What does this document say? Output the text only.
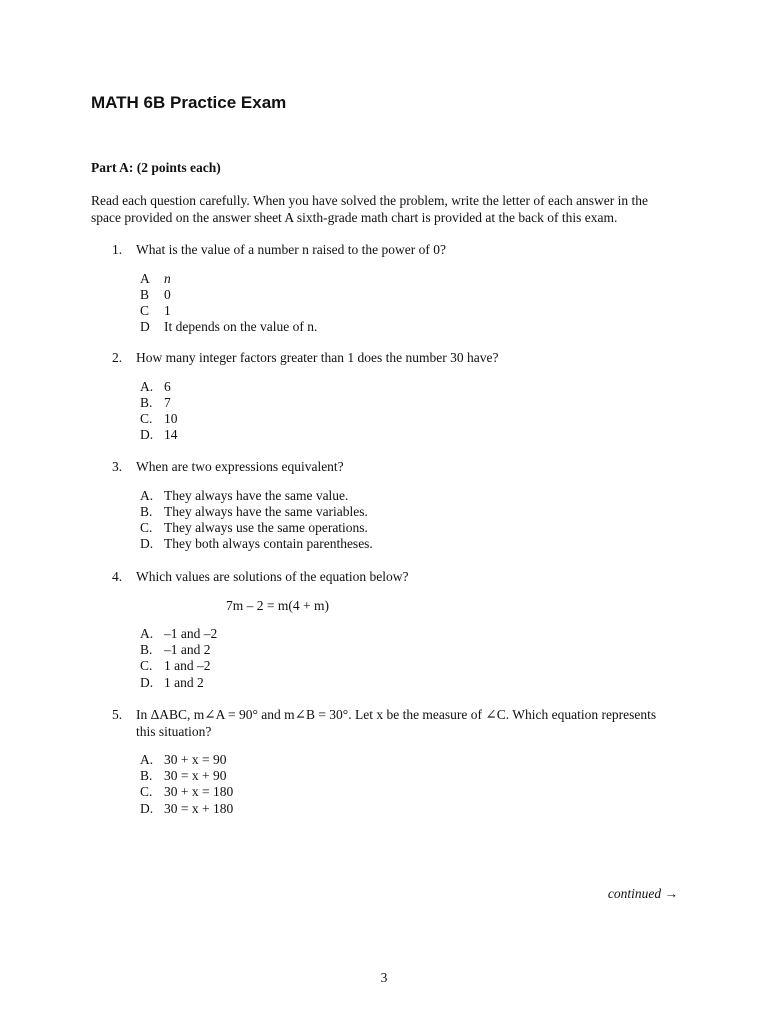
MATH 6B Practice Exam
Part A: (2 points each)

Read each question carefully. When you have solved the problem, write the letter of each answer in the space provided on the answer sheet A sixth-grade math chart is provided at the back of this exam.

1.	What is the value of a number n raised to the power of 0?
A	n
B	0
C	1
D	It depends on the value of n.
2.	How many integer factors greater than 1 does the number 30 have?
A. 6
B. 7
C. 10
D. 14
3.	When are two expressions equivalent?
A. They always have the same value.
B. They always have the same variables.
C. They always use the same operations.
D. They both always contain parentheses.
4.	Which values are solutions of the equation below?
7m – 2 = m(4 + m)
A. –1 and –2
B. –1 and 2
C. 1 and –2
D. 1 and 2
5.	In ΔABC, m∠A = 90° and m∠B = 30°. Let x be the measure of ∠C. Which equation represents this situation?
A. 30 + x = 90
B. 30 = x + 90
C. 30 + x = 180
D. 30 = x + 180
continued →
3
